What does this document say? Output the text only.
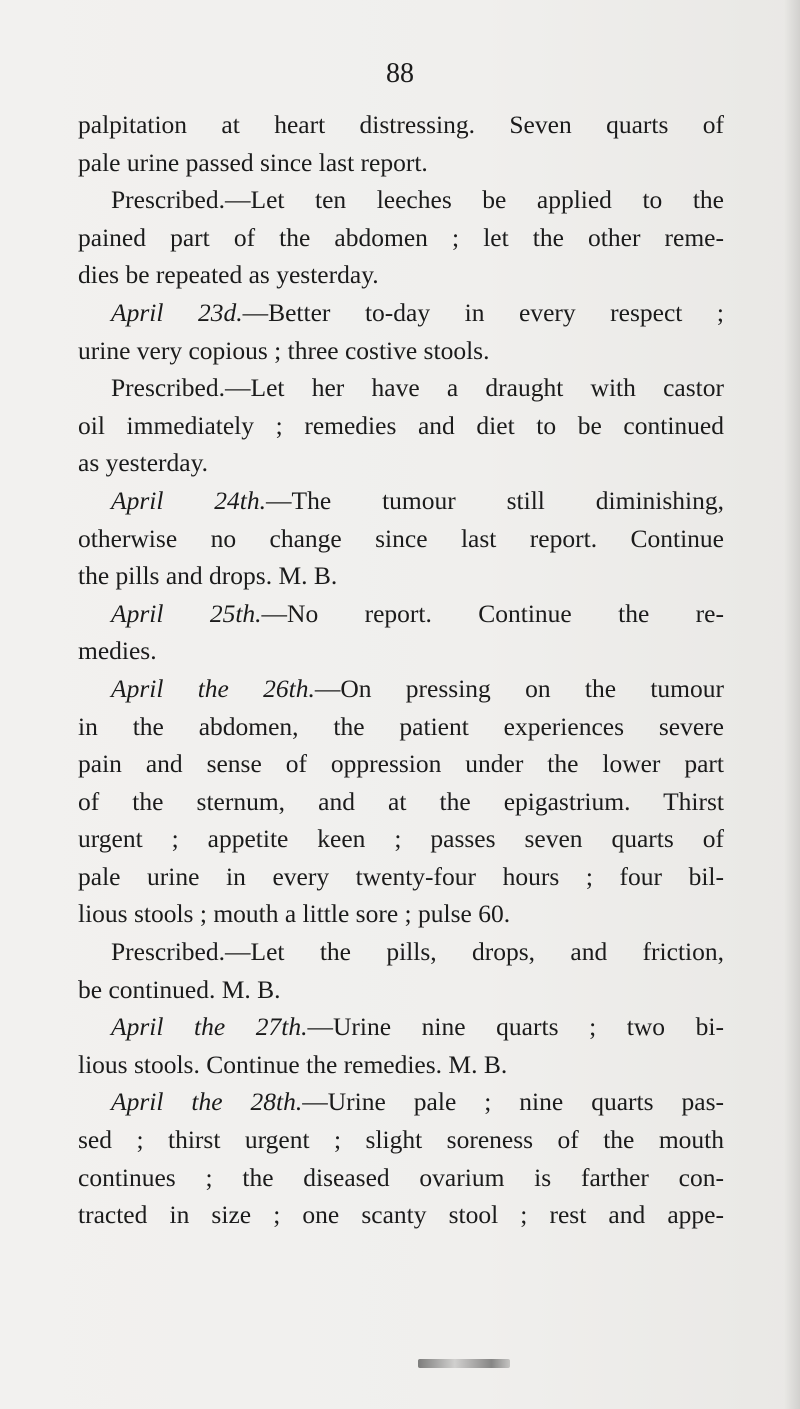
88
palpitation at heart distressing. Seven quarts of
pale urine passed since last report.
Prescribed.—Let ten leeches be applied to the
pained part of the abdomen ; let the other reme-
dies be repeated as yesterday.
April 23d.—Better to-day in every respect ;
urine very copious ; three costive stools.
Prescribed.—Let her have a draught with castor
oil immediately ; remedies and diet to be continued
as yesterday.
April 24th.—The tumour still diminishing,
otherwise no change since last report. Continue
the pills and drops. M. B.
April 25th.—No report. Continue the re-
medies.
April the 26th.—On pressing on the tumour
in the abdomen, the patient experiences severe
pain and sense of oppression under the lower part
of the sternum, and at the epigastrium. Thirst
urgent ; appetite keen ; passes seven quarts of
pale urine in every twenty-four hours ; four bil-
lious stools ; mouth a little sore ; pulse 60.
Prescribed.—Let the pills, drops, and friction,
be continued. M. B.
April the 27th.—Urine nine quarts ; two bi-
lious stools. Continue the remedies. M. B.
April the 28th.—Urine pale ; nine quarts pas-
sed ; thirst urgent ; slight soreness of the mouth
continues ; the diseased ovarium is farther con-
tracted in size ; one scanty stool ; rest and appe-
